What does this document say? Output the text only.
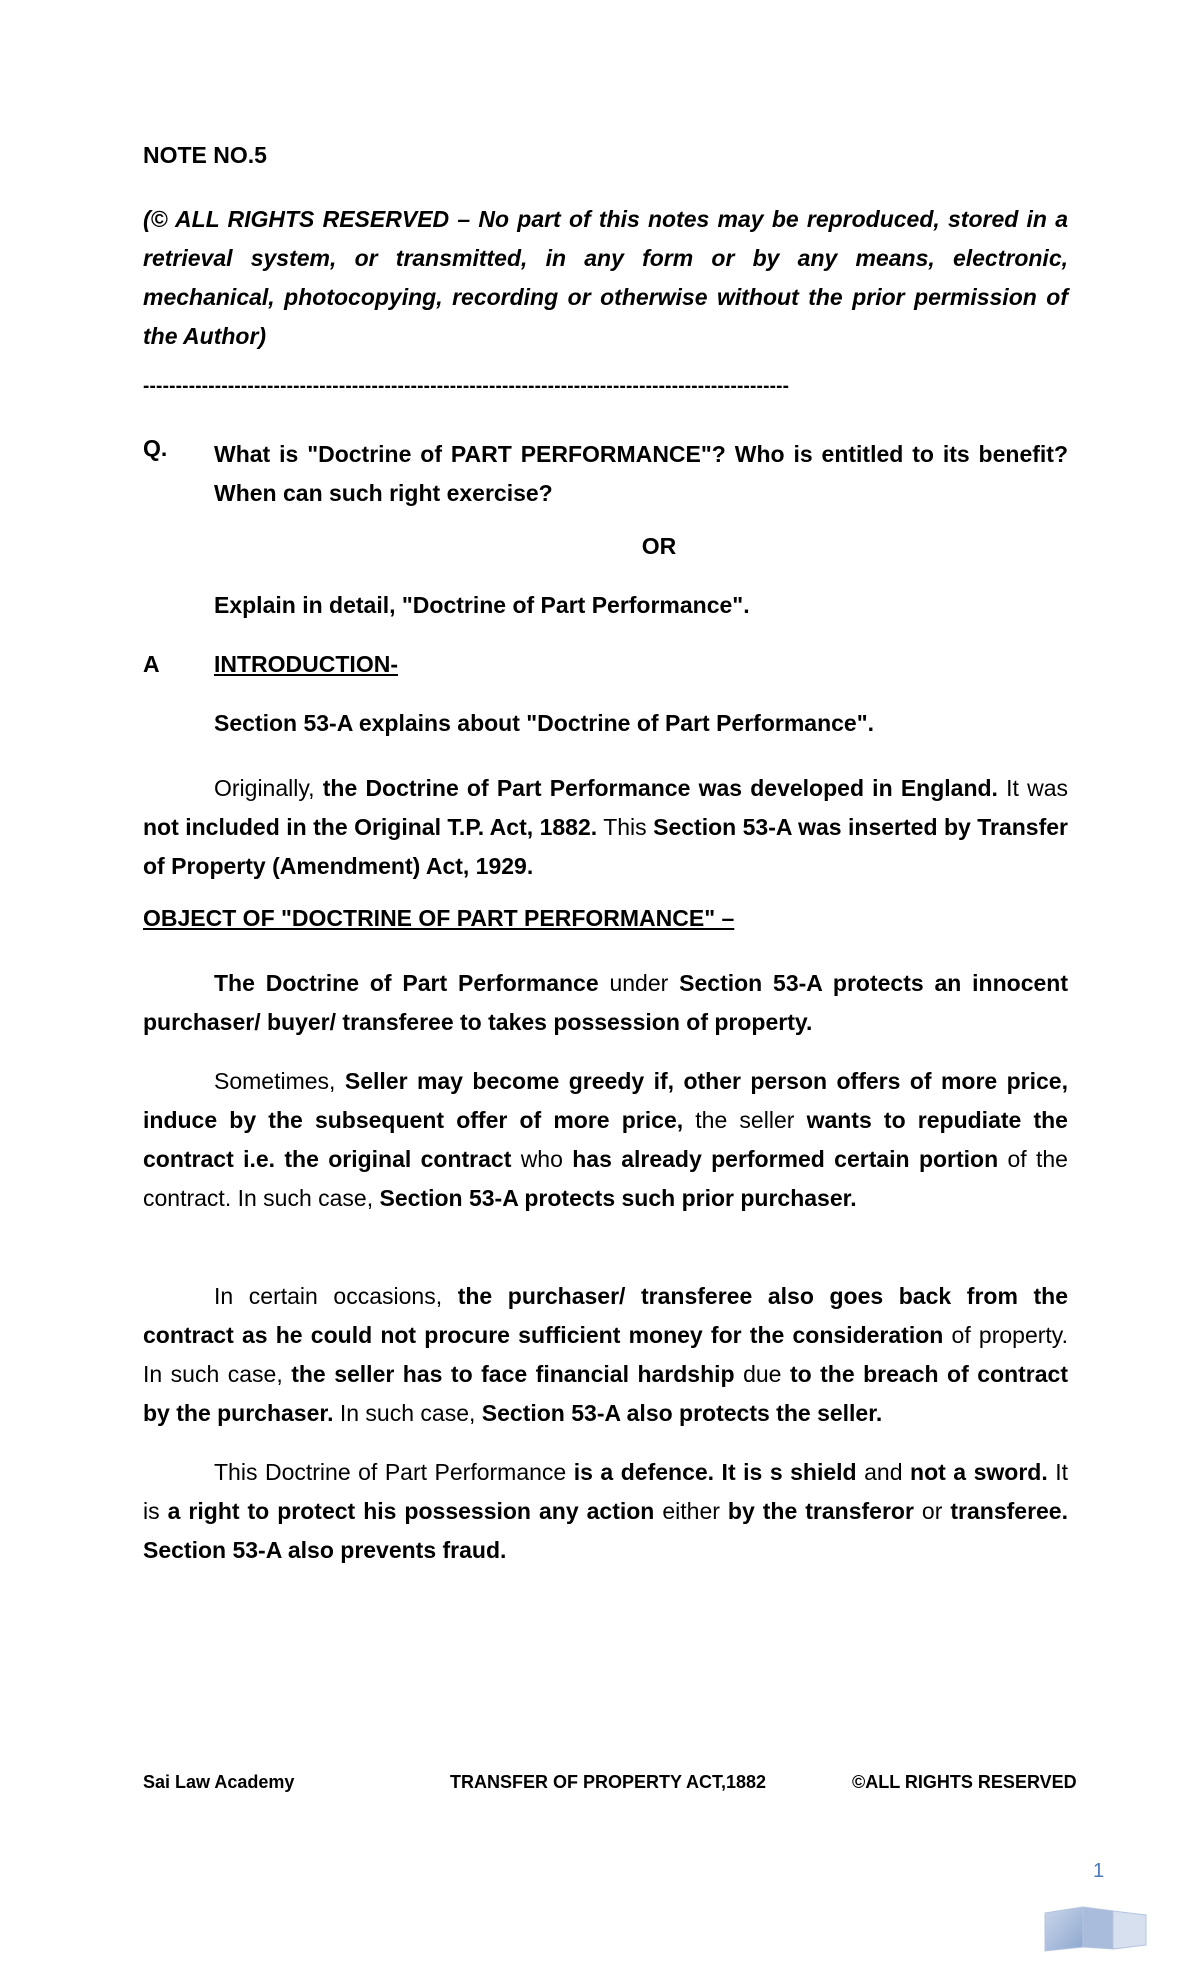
NOTE NO.5
(© ALL RIGHTS RESERVED – No part of this notes may be reproduced, stored in a retrieval system, or transmitted, in any form or by any means, electronic, mechanical, photocopying, recording or otherwise without the prior permission of the Author)
---------------------------------------------------------------------------------------------------
Q. What is "Doctrine of PART PERFORMANCE"? Who is entitled to its benefit? When can such right exercise?
OR
Explain in detail, "Doctrine of Part Performance".
A INTRODUCTION-
Section 53-A explains about "Doctrine of Part Performance".

Originally, the Doctrine of Part Performance was developed in England. It was not included in the Original T.P. Act, 1882. This Section 53-A was inserted by Transfer of Property (Amendment) Act, 1929.

OBJECT OF "DOCTRINE OF PART PERFORMANCE" –

The Doctrine of Part Performance under Section 53-A protects an innocent purchaser/ buyer/ transferee to takes possession of property.

Sometimes, Seller may become greedy if, other person offers of more price, induce by the subsequent offer of more price, the seller wants to repudiate the contract i.e. the original contract who has already performed certain portion of the contract. In such case, Section 53-A protects such prior purchaser.

In certain occasions, the purchaser/ transferee also goes back from the contract as he could not procure sufficient money for the consideration of property. In such case, the seller has to face financial hardship due to the breach of contract by the purchaser. In such case, Section 53-A also protects the seller.

This Doctrine of Part Performance is a defence. It is s shield and not a sword. It is a right to protect his possession any action either by the transferor or transferee. Section 53-A also prevents fraud.

Sai Law Academy	TRANSFER OF PROPERTY ACT,1882	©ALL RIGHTS RESERVED
1
